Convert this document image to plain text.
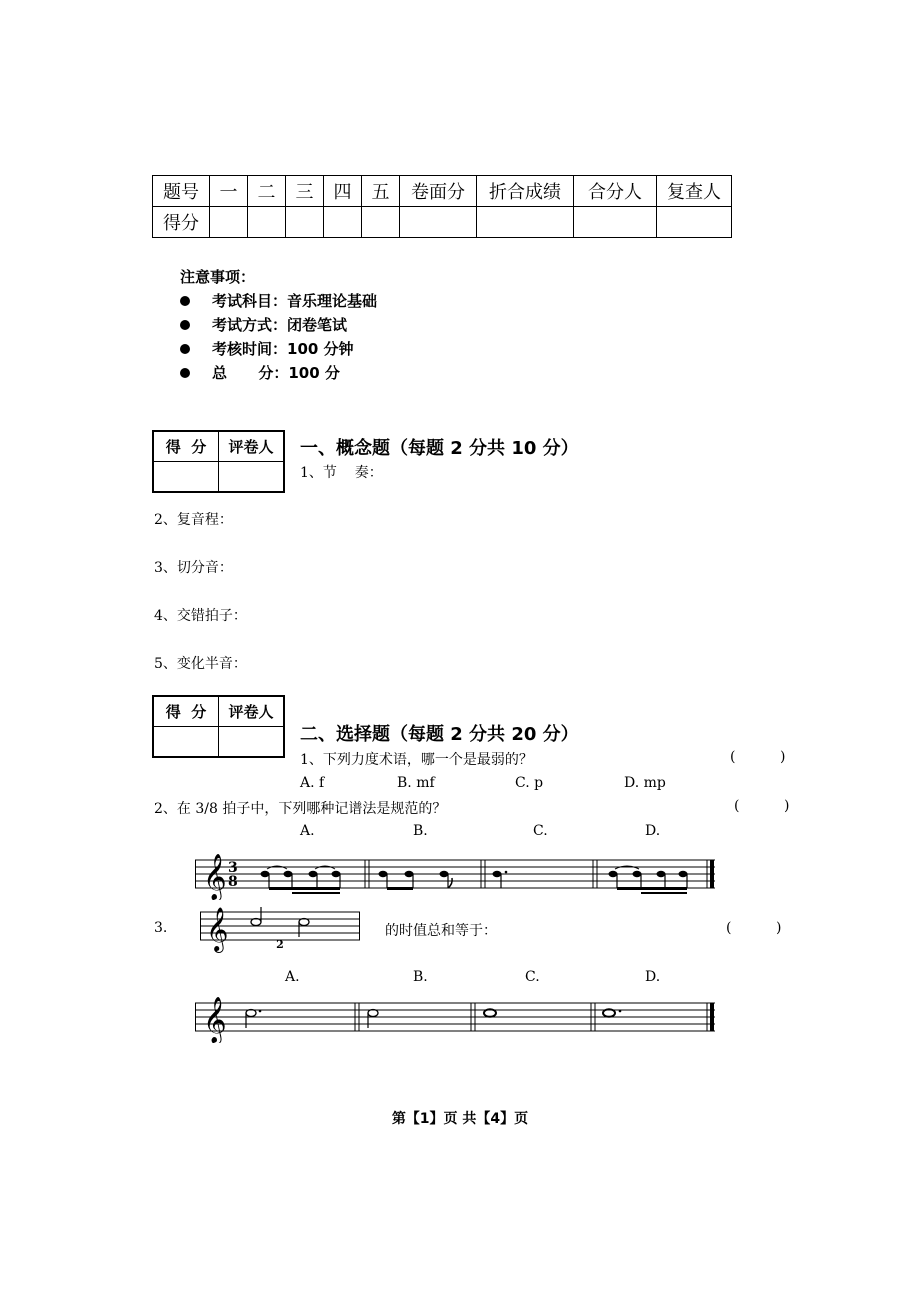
题号	一	二	三	四	五	卷面分	折合成绩	合分人	复查人
得分									
注意事项：
考试科目：音乐理论基础
考试方式：闭卷笔试
考核时间：100 分钟
总      分：100 分
得  分	评卷人
	一、概念题（每题 2 分共 10 分）
1、节    奏：
2、复音程：
3、切分音：
4、交错拍子：
5、变化半音：
得  分	评卷人

二、选择题（每题 2 分共 20 分）
1、下列力度术语，哪一个是最弱的？	(          )
A. f	B. mf	C. p	D. mp
2、在 3/8 拍子中，下列哪种记谱法是规范的？	(          )
A.	B.	C.	D.
𝄞 3
8
3. 𝄞	2
的时值总和等于：	(          )
A.	B.	C.	D.
𝄞
第【1】页 共【4】页
